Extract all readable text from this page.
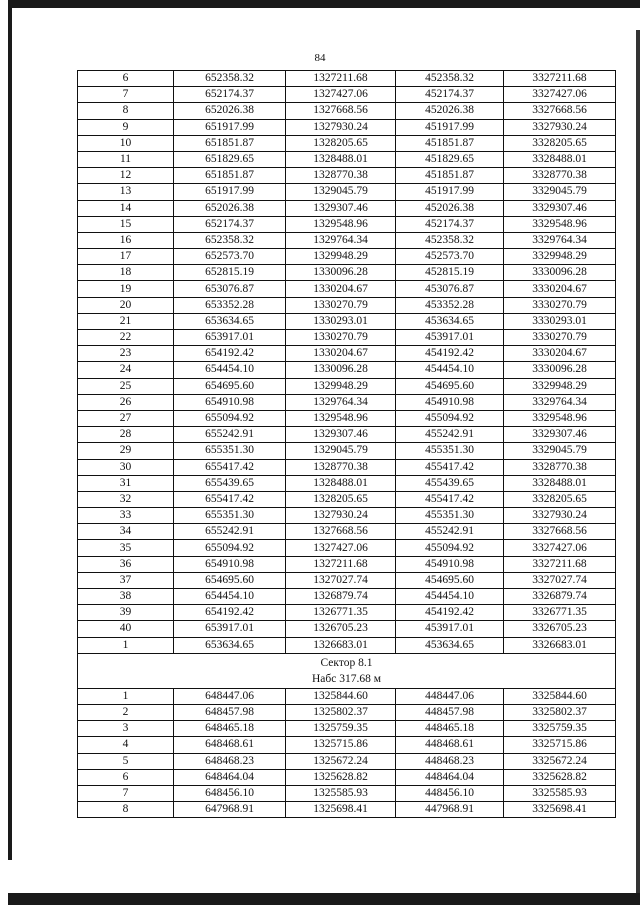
84
6	652358.32	1327211.68	452358.32	3327211.68
7	652174.37	1327427.06	452174.37	3327427.06
8	652026.38	1327668.56	452026.38	3327668.56
9	651917.99	1327930.24	451917.99	3327930.24
10	651851.87	1328205.65	451851.87	3328205.65
11	651829.65	1328488.01	451829.65	3328488.01
12	651851.87	1328770.38	451851.87	3328770.38
13	651917.99	1329045.79	451917.99	3329045.79
14	652026.38	1329307.46	452026.38	3329307.46
15	652174.37	1329548.96	452174.37	3329548.96
16	652358.32	1329764.34	452358.32	3329764.34
17	652573.70	1329948.29	452573.70	3329948.29
18	652815.19	1330096.28	452815.19	3330096.28
19	653076.87	1330204.67	453076.87	3330204.67
20	653352.28	1330270.79	453352.28	3330270.79
21	653634.65	1330293.01	453634.65	3330293.01
22	653917.01	1330270.79	453917.01	3330270.79
23	654192.42	1330204.67	454192.42	3330204.67
24	654454.10	1330096.28	454454.10	3330096.28
25	654695.60	1329948.29	454695.60	3329948.29
26	654910.98	1329764.34	454910.98	3329764.34
27	655094.92	1329548.96	455094.92	3329548.96
28	655242.91	1329307.46	455242.91	3329307.46
29	655351.30	1329045.79	455351.30	3329045.79
30	655417.42	1328770.38	455417.42	3328770.38
31	655439.65	1328488.01	455439.65	3328488.01
32	655417.42	1328205.65	455417.42	3328205.65
33	655351.30	1327930.24	455351.30	3327930.24
34	655242.91	1327668.56	455242.91	3327668.56
35	655094.92	1327427.06	455094.92	3327427.06
36	654910.98	1327211.68	454910.98	3327211.68
37	654695.60	1327027.74	454695.60	3327027.74
38	654454.10	1326879.74	454454.10	3326879.74
39	654192.42	1326771.35	454192.42	3326771.35
40	653917.01	1326705.23	453917.01	3326705.23
1	653634.65	1326683.01	453634.65	3326683.01

Сектор 8.1
Набс 317.68 м				

1	648447.06	1325844.60	448447.06	3325844.60
2	648457.98	1325802.37	448457.98	3325802.37
3	648465.18	1325759.35	448465.18	3325759.35
4	648468.61	1325715.86	448468.61	3325715.86
5	648468.23	1325672.24	448468.23	3325672.24
6	648464.04	1325628.82	448464.04	3325628.82
7	648456.10	1325585.93	448456.10	3325585.93
8	647968.91	1325698.41	447968.91	3325698.41
